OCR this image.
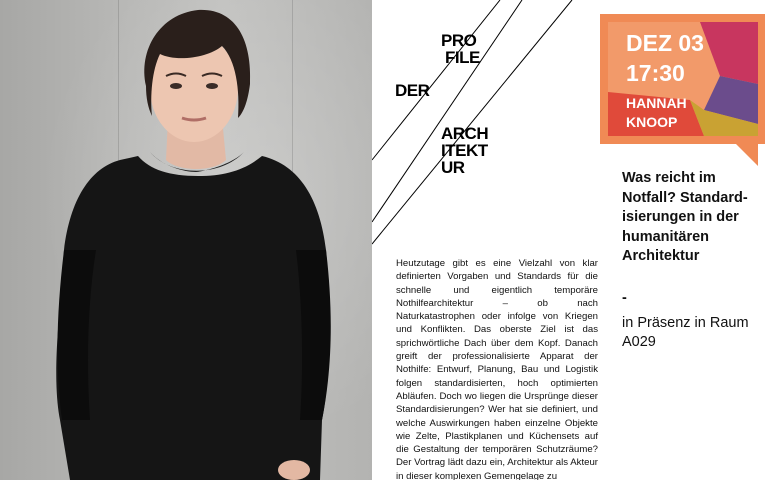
PRO
FILE
DER
ARCH
ITEKT
UR
DEZ 03
17:30
HANNAH
KNOOP
Was reicht im Notfall? Standard-isierungen in der humanitären Architektur
-
in Präsenz in Raum A029
Heutzutage gibt es eine Vielzahl von klar definierten Vorgaben und Standards für die schnelle und eigentlich temporäre Nothilfearchitektur – ob nach Naturkatastrophen oder infolge von Kriegen und Konflikten. Das oberste Ziel ist das sprichwörtliche Dach über dem Kopf. Danach greift der professionalisierte Apparat der Nothilfe: Entwurf, Planung, Bau und Logistik folgen standardisierten, hoch optimierten Abläufen. Doch wo liegen die Ursprünge dieser Standardisierungen? Wer hat sie definiert, und welche Auswirkungen haben einzelne Objekte wie Zelte, Plastikplanen und Küchensets auf die Gestaltung der temporären Schutzräume? Der Vortrag lädt dazu ein, Architektur als Akteur in dieser komplexen Gemengelage zu
